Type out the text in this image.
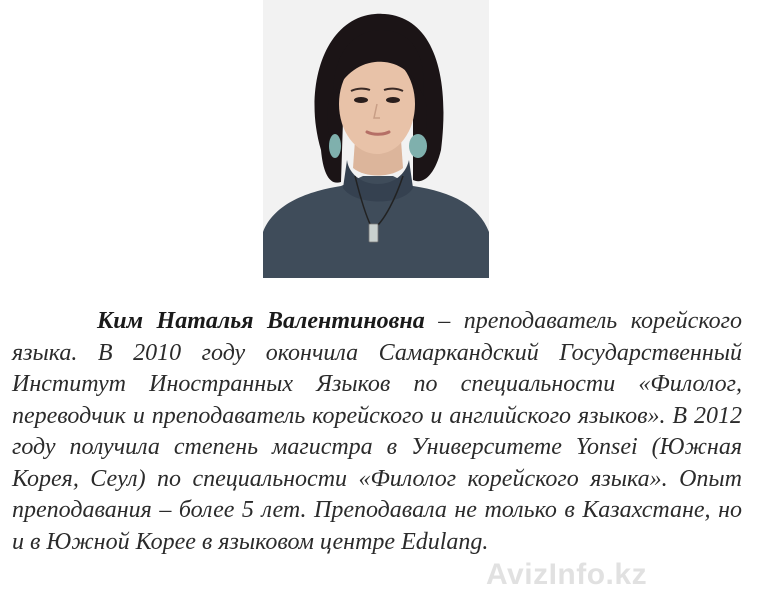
Ким Наталья Валентиновна – преподаватель корейского языка. В 2010 году окончила Самаркандский Государственный Институт Иностранных Языков по специальности «Филолог, переводчик и преподаватель корейского и английского языков». В 2012 году получила степень магистра в Университете Yonsei (Южная Корея, Сеул) по специальности «Филолог корейского языка». Опыт преподавания – более 5 лет. Преподавала не только в Казахстане, но и в Южной Корее в языковом центре Edulang.

AvizInfo.kz
